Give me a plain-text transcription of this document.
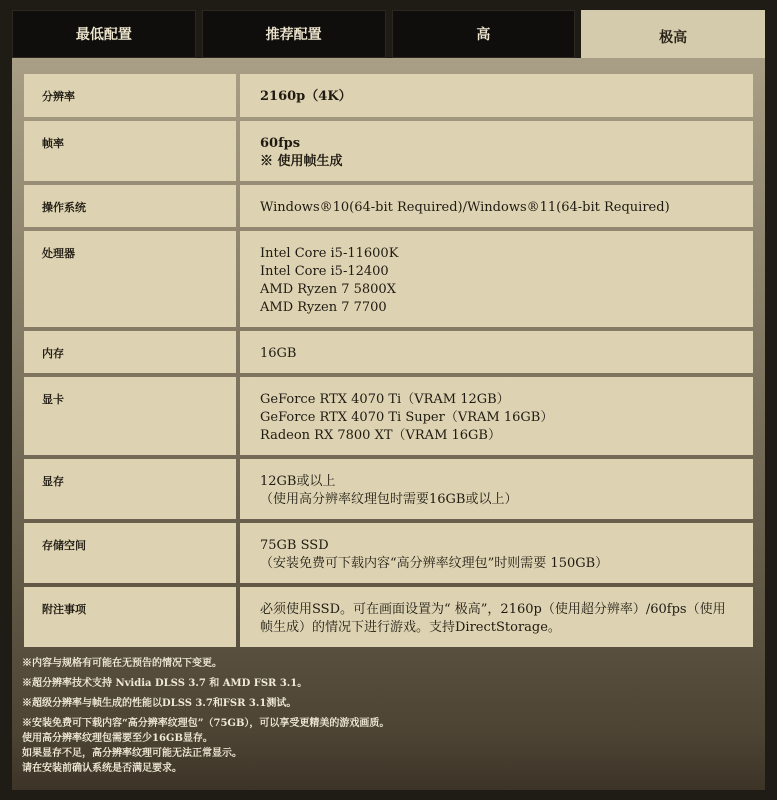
最低配置	推荐配置	高	极高
分辨率	2160p（4K）
帧率	60fps
※ 使用帧生成
操作系统	Windows®10(64-bit Required)/Windows®11(64-bit Required)
处理器	Intel Core i5-11600K
Intel Core i5-12400
AMD Ryzen 7 5800X
AMD Ryzen 7 7700
内存	16GB
显卡	GeForce RTX 4070 Ti（VRAM 12GB）
GeForce RTX 4070 Ti Super（VRAM 16GB）
Radeon RX 7800 XT（VRAM 16GB）
显存	12GB或以上
（使用高分辨率纹理包时需要16GB或以上）
存储空间	75GB SSD
（安装免费可下载内容“高分辨率纹理包”时则需要 150GB）
附注事项	必须使用SSD。可在画面设置为“ 极高”，2160p（使用超分辨率）/60fps（使用帧生成）的情况下进行游戏。支持DirectStorage。
※内容与规格有可能在无预告的情况下变更。
※超分辨率技术支持 Nvidia DLSS 3.7 和 AMD FSR 3.1。
※超级分辨率与帧生成的性能以DLSS 3.7和FSR 3.1测试。
※安装免费可下载内容“高分辨率纹理包”（75GB），可以享受更精美的游戏画质。
使用高分辨率纹理包需要至少16GB显存。
如果显存不足，高分辨率纹理可能无法正常显示。
请在安装前确认系统是否满足要求。
